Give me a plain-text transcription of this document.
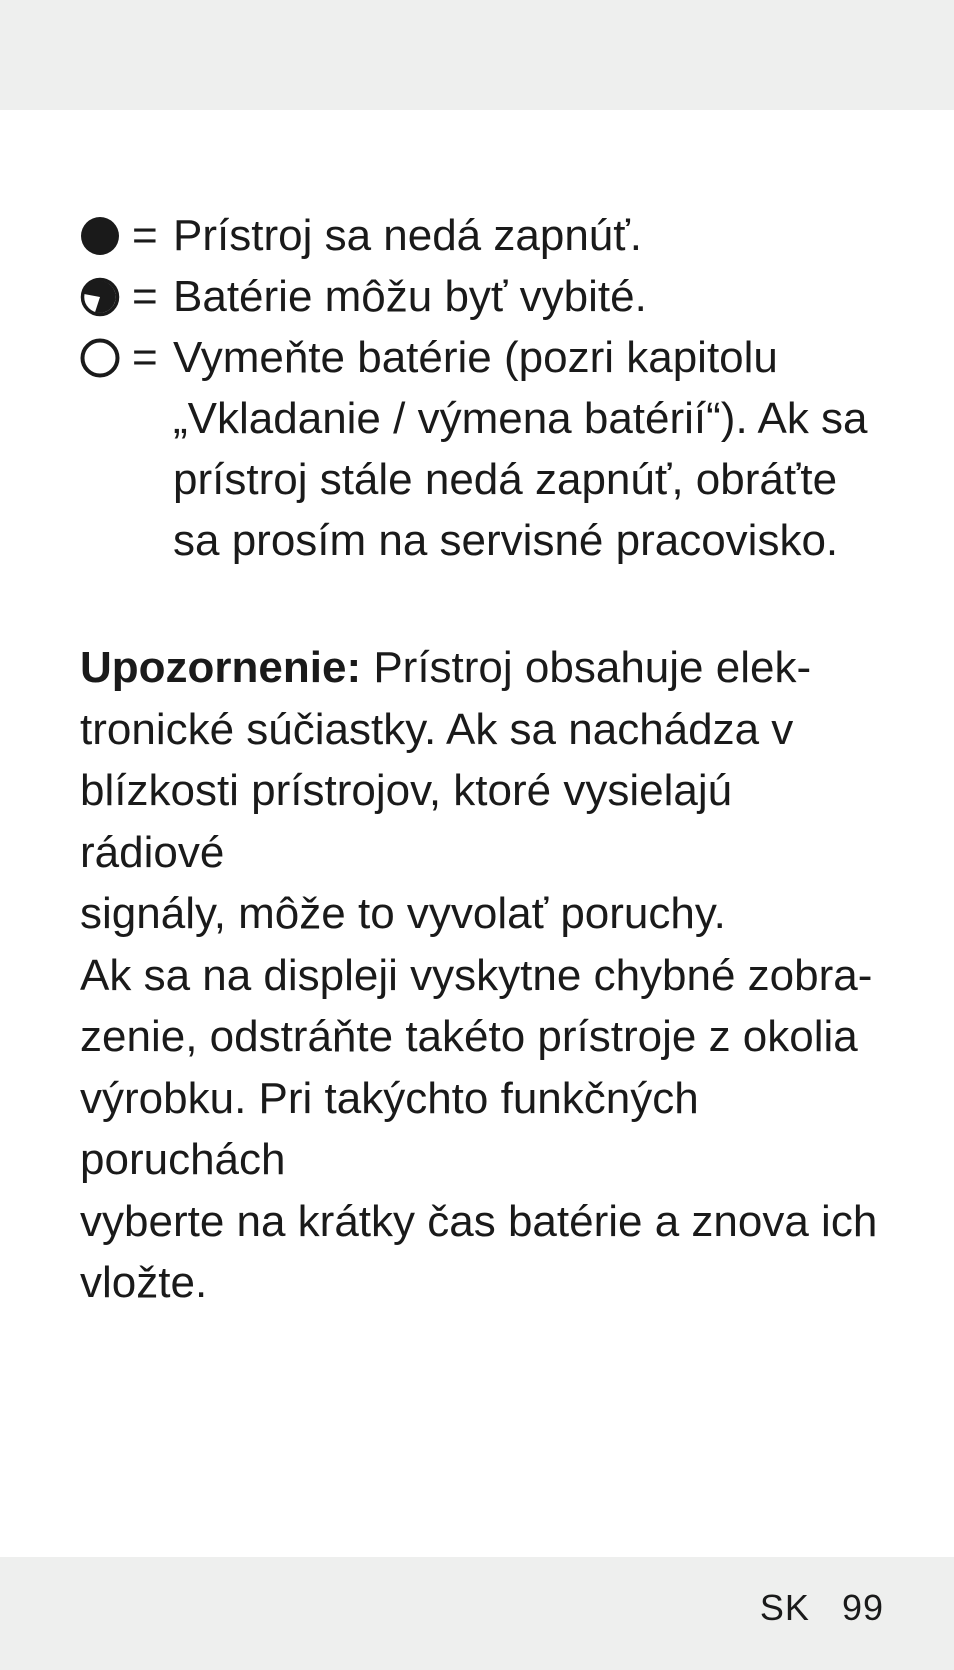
= Prístroj sa nedá zapnúť.
= Batérie môžu byť vybité.
= Vymeňte batérie (pozri kapitolu
„Vkladanie / výmena batérií“). Ak sa
prístroj stále nedá zapnúť, obráťte
sa prosím na servisné pracovisko.

Upozornenie: Prístroj obsahuje elek-
tronické súčiastky. Ak sa nachádza v
blízkosti prístrojov, ktoré vysielajú rádiové
signály, môže to vyvolať poruchy.

Ak sa na displeji vyskytne chybné zobra-
zenie, odstráňte takéto prístroje z okolia
výrobku. Pri takýchto funkčných poruchách
vyberte na krátky čas batérie a znova ich
vložte.

SK 99
